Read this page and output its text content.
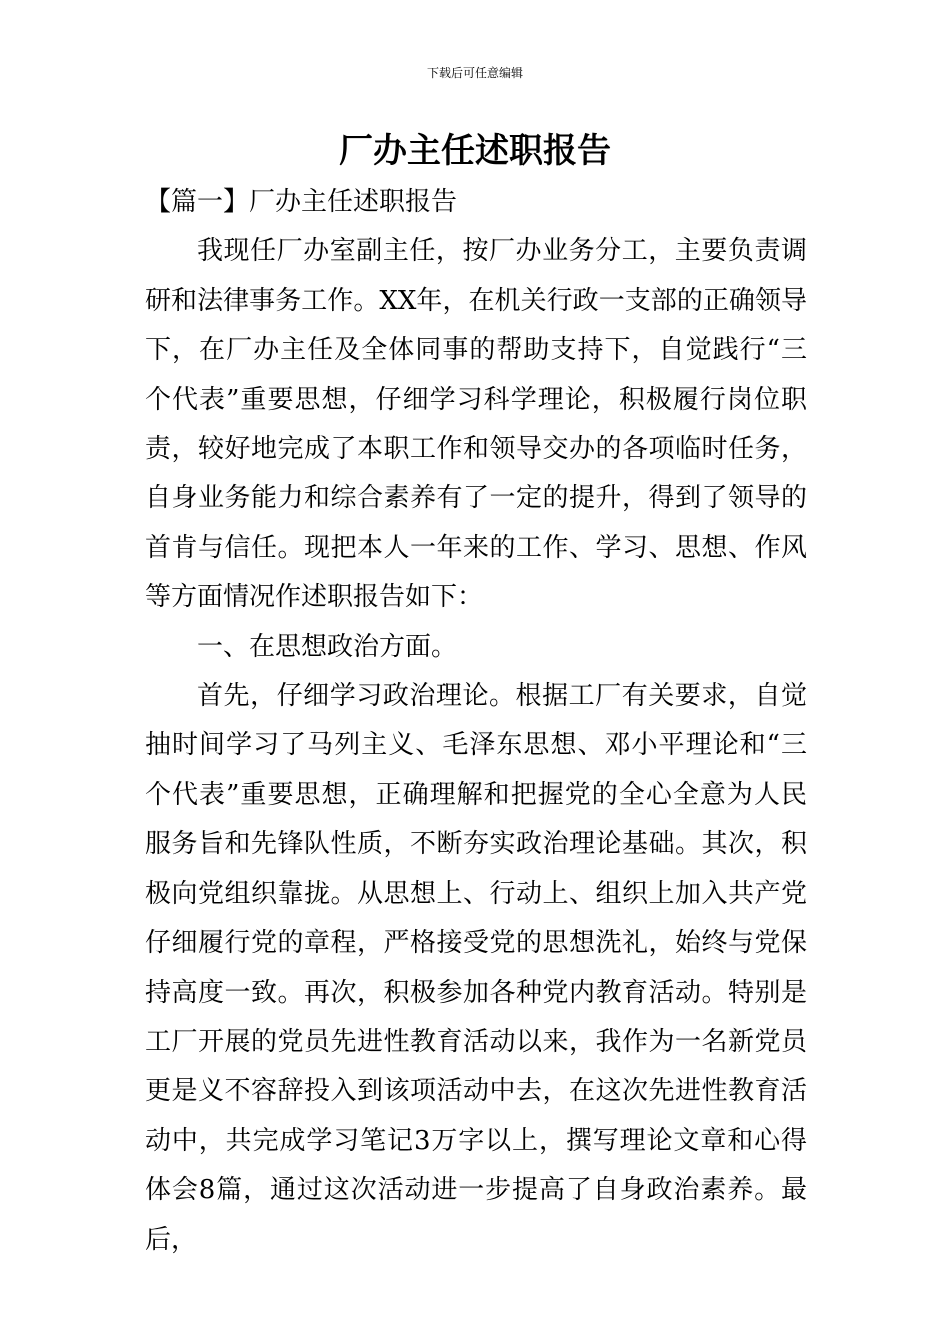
下载后可任意编辑
厂办主任述职报告

【篇一】厂办主任述职报告

我现任厂办室副主任，按厂办业务分工，主要负责调研和法律事务工作。XX年，在机关行政一支部的正确领导下，在厂办主任及全体同事的帮助支持下，自觉践行“三个代表”重要思想，仔细学习科学理论，积极履行岗位职责，较好地完成了本职工作和领导交办的各项临时任务，自身业务能力和综合素养有了一定的提升，得到了领导的首肯与信任。现把本人一年来的工作、学习、思想、作风等方面情况作述职报告如下：

一、在思想政治方面。

首先，仔细学习政治理论。根据工厂有关要求，自觉抽时间学习了马列主义、毛泽东思想、邓小平理论和“三个代表”重要思想，正确理解和把握党的全心全意为人民服务旨和先锋队性质，不断夯实政治理论基础。其次，积极向党组织靠拢。从思想上、行动上、组织上加入共产党仔细履行党的章程，严格接受党的思想洗礼，始终与党保持高度一致。再次，积极参加各种党内教育活动。特别是工厂开展的党员先进性教育活动以来，我作为一名新党员更是义不容辞投入到该项活动中去，在这次先进性教育活动中，共完成学习笔记3万字以上，撰写理论文章和心得体会8篇，通过这次活动进一步提高了自身政治素养。最后，
